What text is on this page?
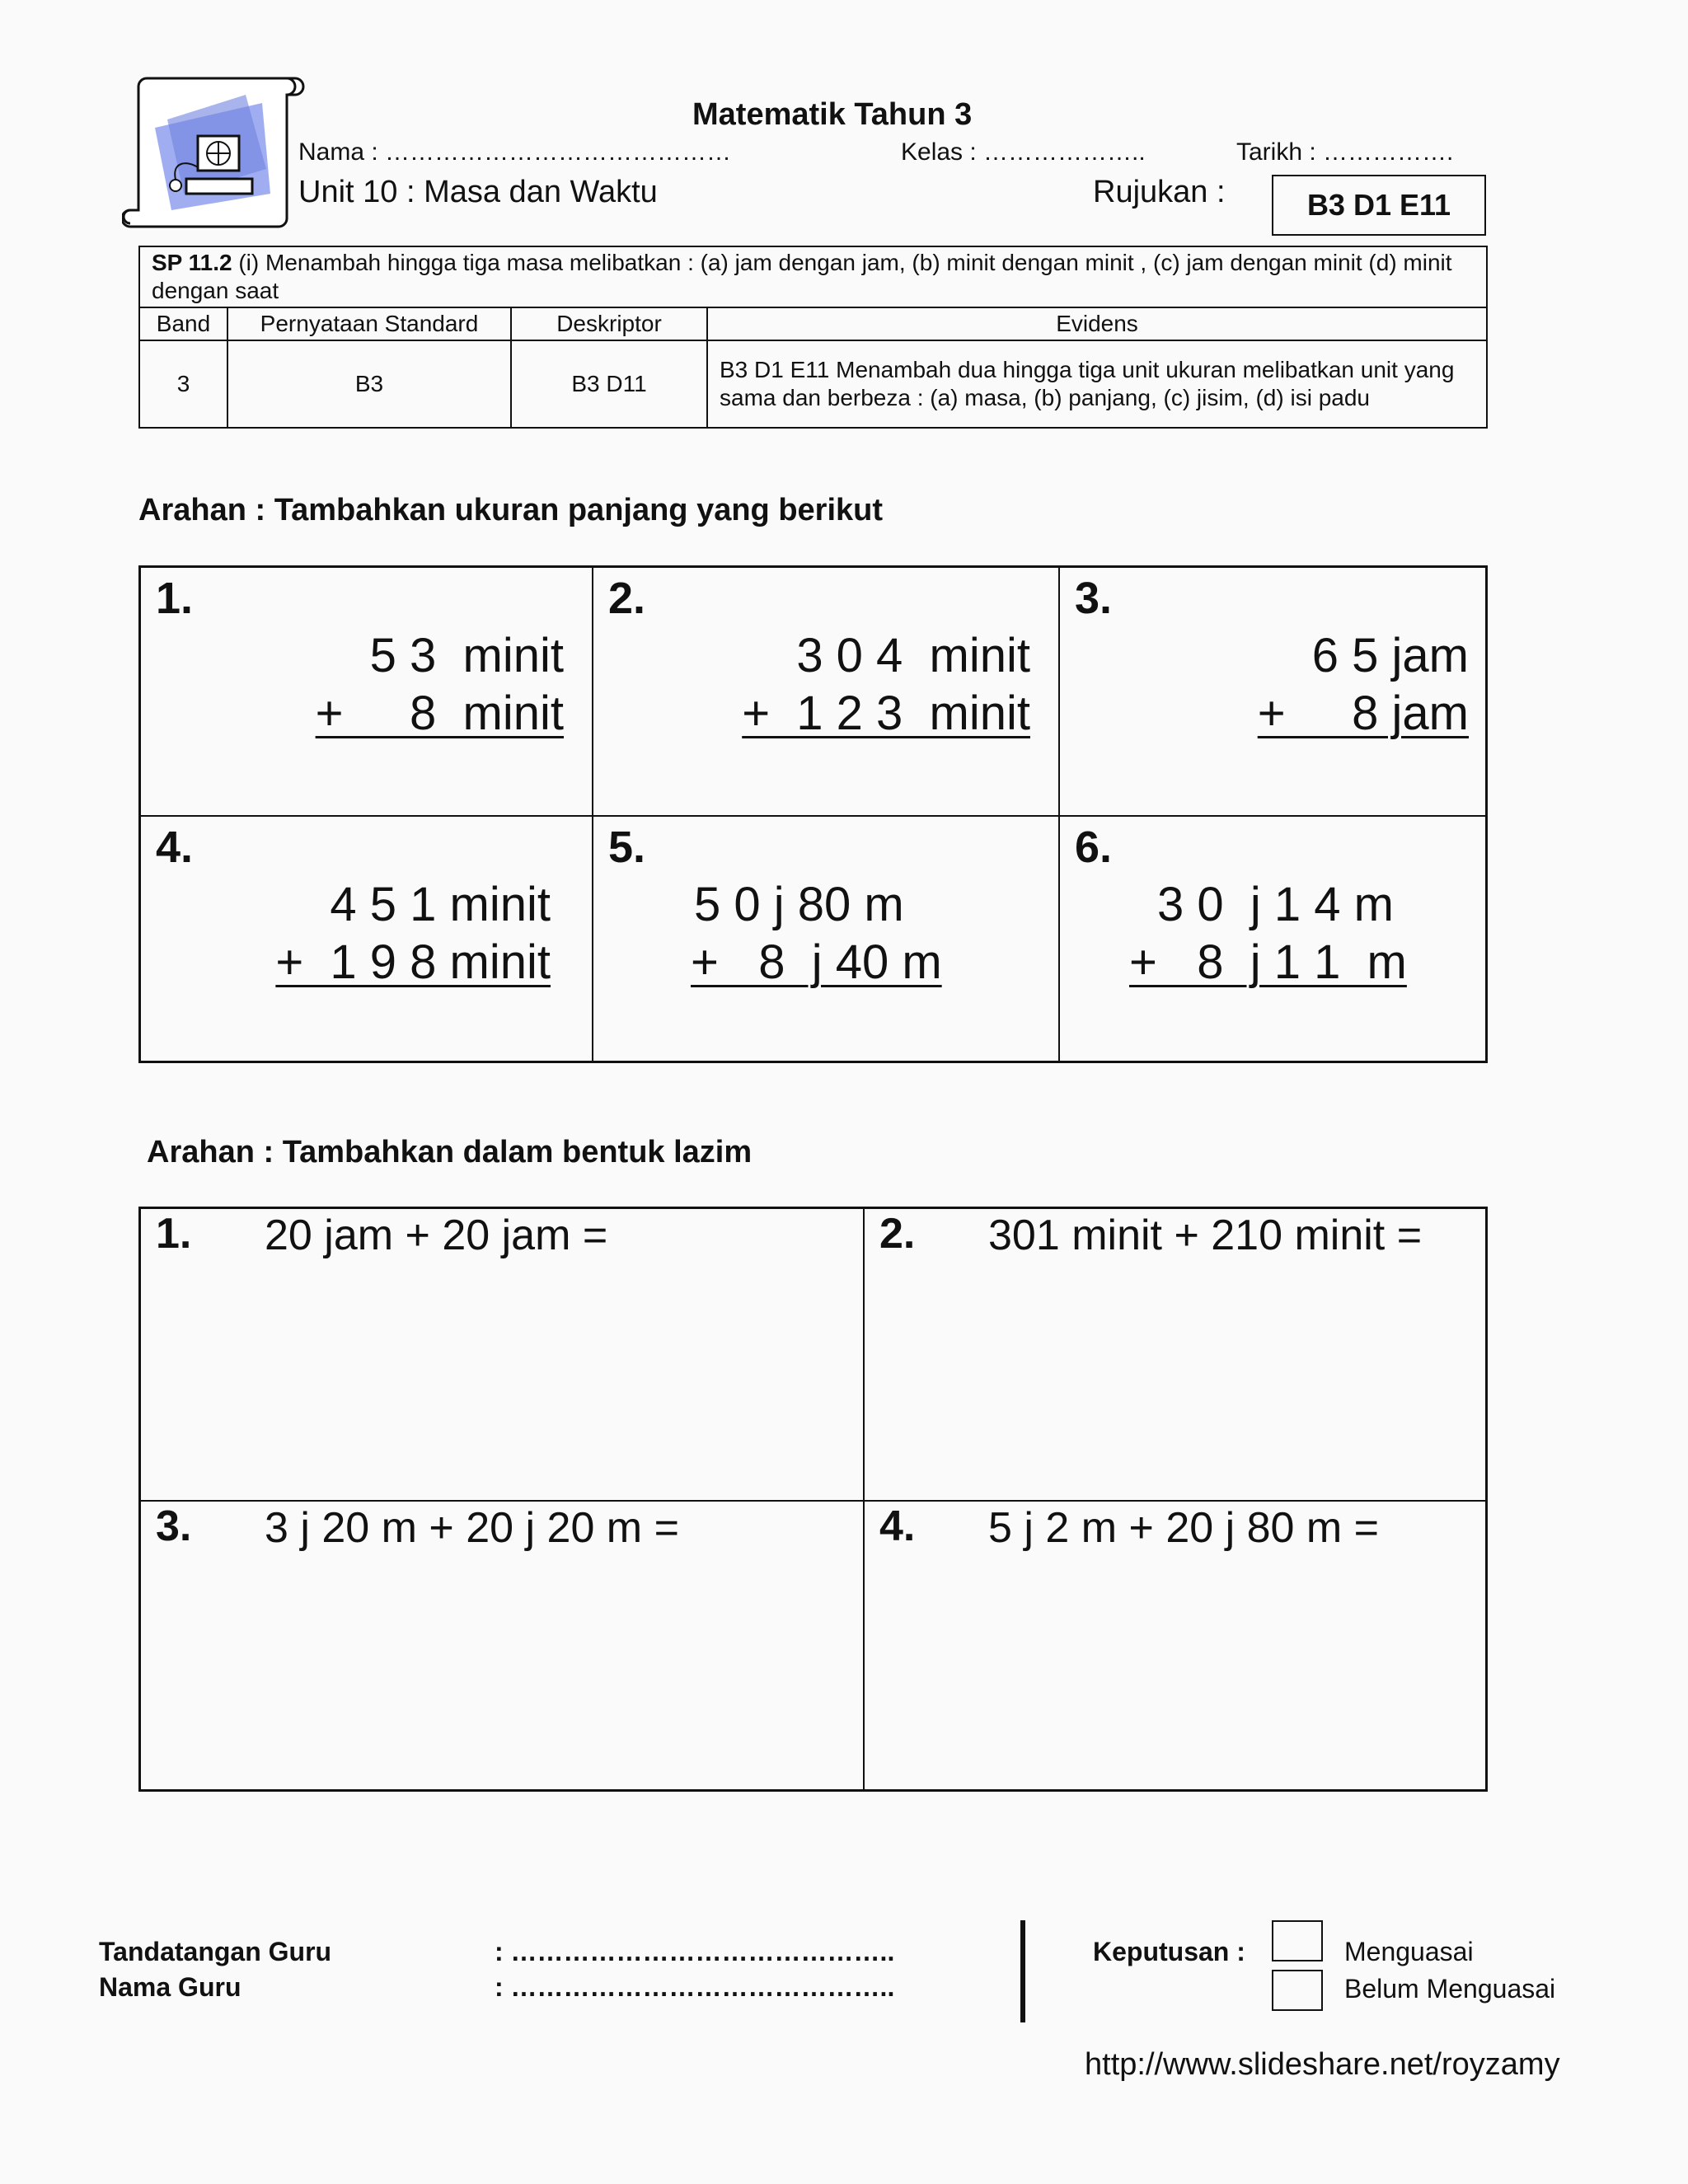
Matematik Tahun 3
Nama : ……………………………………	Kelas : ………………..	Tarikh : …………….
Unit 10 : Masa dan Waktu	Rujukan :	B3 D1 E11
SP 11.2 (i) Menambah hingga tiga masa melibatkan : (a) jam dengan jam, (b) minit dengan minit , (c) jam dengan minit (d) minit dengan saat			
Band	Pernyataan Standard	Deskriptor	Evidens
3	B3	B3 D11	B3 D1 E11 Menambah dua hingga tiga unit ukuran melibatkan unit yang sama dan berbeza : (a) masa, (b) panjang, (c) jisim, (d) isi padu
Arahan : Tambahkan ukuran panjang yang berikut
1.
5 3  minit
+     8  minit
2.
3 0 4  minit
+  1 2 3  minit
3.
6 5 jam
+     8 jam
4.
4 5 1 minit
+  1 9 8 minit
5.
5 0 j 80 m
+   8  j 40 m
6.
3 0  j 1 4 m
+   8  j 1 1  m
Arahan : Tambahkan dalam bentuk lazim
1. 20 jam + 20 jam =	2. 301 minit + 210 minit =
3. 3 j 20 m + 20 j 20 m =	4. 5 j 2 m + 20 j 80 m =
Tandatangan Guru	: ……………………………………..
Nama Guru	: ……………………………………..
Keputusan :	Menguasai
Belum Menguasai
http://www.slideshare.net/royzamy
